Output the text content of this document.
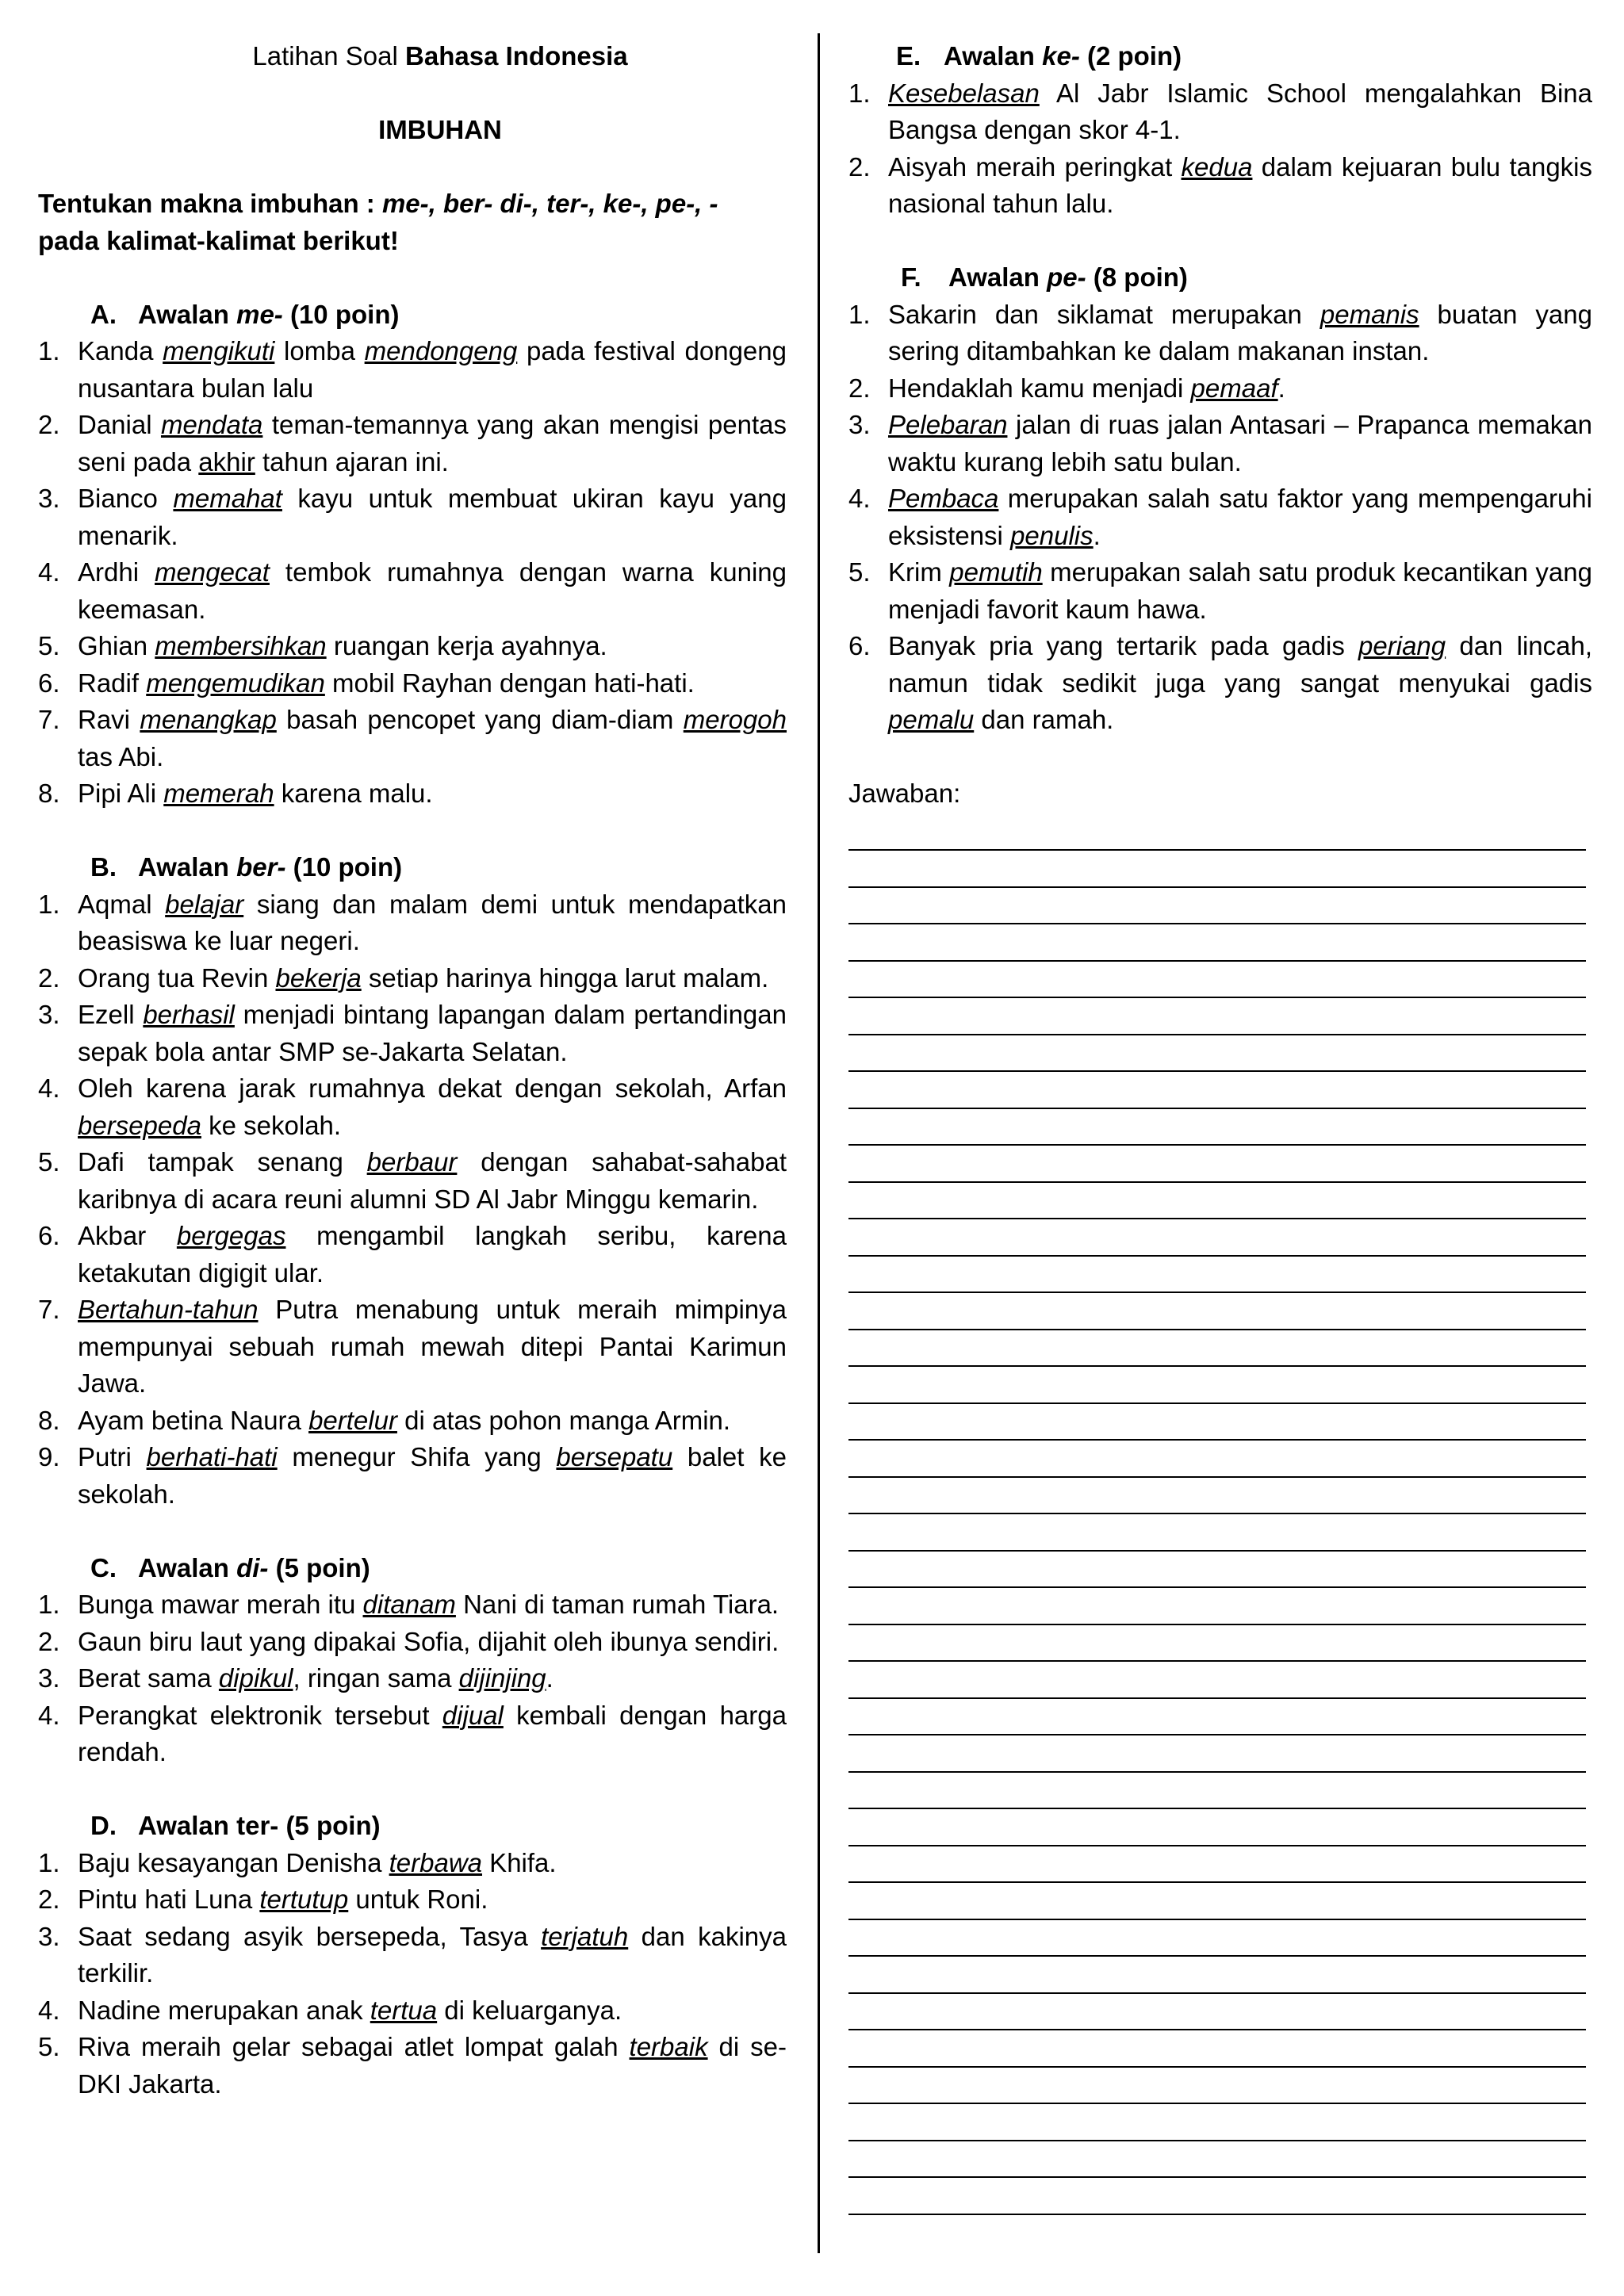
Latihan Soal Bahasa Indonesia
IMBUHAN
Tentukan makna imbuhan : me-, ber- di-, ter-, ke-, pe-, -
pada kalimat-kalimat berikut!
A. Awalan me- (10 poin)
1. Kanda mengikuti lomba mendongeng pada festival dongeng nusantara bulan lalu
2. Danial mendata teman-temannya yang akan mengisi pentas seni pada akhir tahun ajaran ini.
3. Bianco memahat kayu untuk membuat ukiran kayu yang menarik.
4. Ardhi mengecat tembok rumahnya dengan warna kuning keemasan.
5. Ghian membersihkan ruangan kerja ayahnya.
6. Radif mengemudikan mobil Rayhan dengan hati-hati.
7. Ravi menangkap basah pencopet yang diam-diam merogoh tas Abi.
8. Pipi Ali memerah karena malu.
B. Awalan ber- (10 poin)
1. Aqmal belajar siang dan malam demi untuk mendapatkan beasiswa ke luar negeri.
2. Orang tua Revin bekerja setiap harinya hingga larut malam.
3. Ezell berhasil menjadi bintang lapangan dalam pertandingan sepak bola antar SMP se-Jakarta Selatan.
4. Oleh karena jarak rumahnya dekat dengan sekolah, Arfan bersepeda ke sekolah.
5. Dafi tampak senang berbaur dengan sahabat-sahabat karibnya di acara reuni alumni SD Al Jabr Minggu kemarin.
6. Akbar bergegas mengambil langkah seribu, karena ketakutan digigit ular.
7. Bertahun-tahun Putra menabung untuk meraih mimpinya mempunyai sebuah rumah mewah ditepi Pantai Karimun Jawa.
8. Ayam betina Naura bertelur di atas pohon manga Armin.
9. Putri berhati-hati menegur Shifa yang bersepatu balet ke sekolah.
C. Awalan di- (5 poin)
1. Bunga mawar merah itu ditanam Nani di taman rumah Tiara.
2. Gaun biru laut yang dipakai Sofia, dijahit oleh ibunya sendiri.
3. Berat sama dipikul, ringan sama dijinjing.
4. Perangkat elektronik tersebut dijual kembali dengan harga rendah.
D. Awalan ter- (5 poin)
1. Baju kesayangan Denisha terbawa Khifa.
2. Pintu hati Luna tertutup untuk Roni.
3. Saat sedang asyik bersepeda, Tasya terjatuh dan kakinya terkilir.
4. Nadine merupakan anak tertua di keluarganya.
5. Riva meraih gelar sebagai atlet lompat galah terbaik di se-DKI Jakarta.
E. Awalan ke- (2 poin)
1. Kesebelasan Al Jabr Islamic School mengalahkan Bina Bangsa dengan skor 4-1.
2. Aisyah meraih peringkat kedua dalam kejuaran bulu tangkis nasional tahun lalu.
F. Awalan pe- (8 poin)
1. Sakarin dan siklamat merupakan pemanis buatan yang sering ditambahkan ke dalam makanan instan.
2. Hendaklah kamu menjadi pemaaf.
3. Pelebaran jalan di ruas jalan Antasari – Prapanca memakan waktu kurang lebih satu bulan.
4. Pembaca merupakan salah satu faktor yang mempengaruhi eksistensi penulis.
5. Krim pemutih merupakan salah satu produk kecantikan yang menjadi favorit kaum hawa.
6. Banyak pria yang tertarik pada gadis periang dan lincah, namun tidak sedikit juga yang sangat menyukai gadis pemalu dan ramah.
Jawaban:
